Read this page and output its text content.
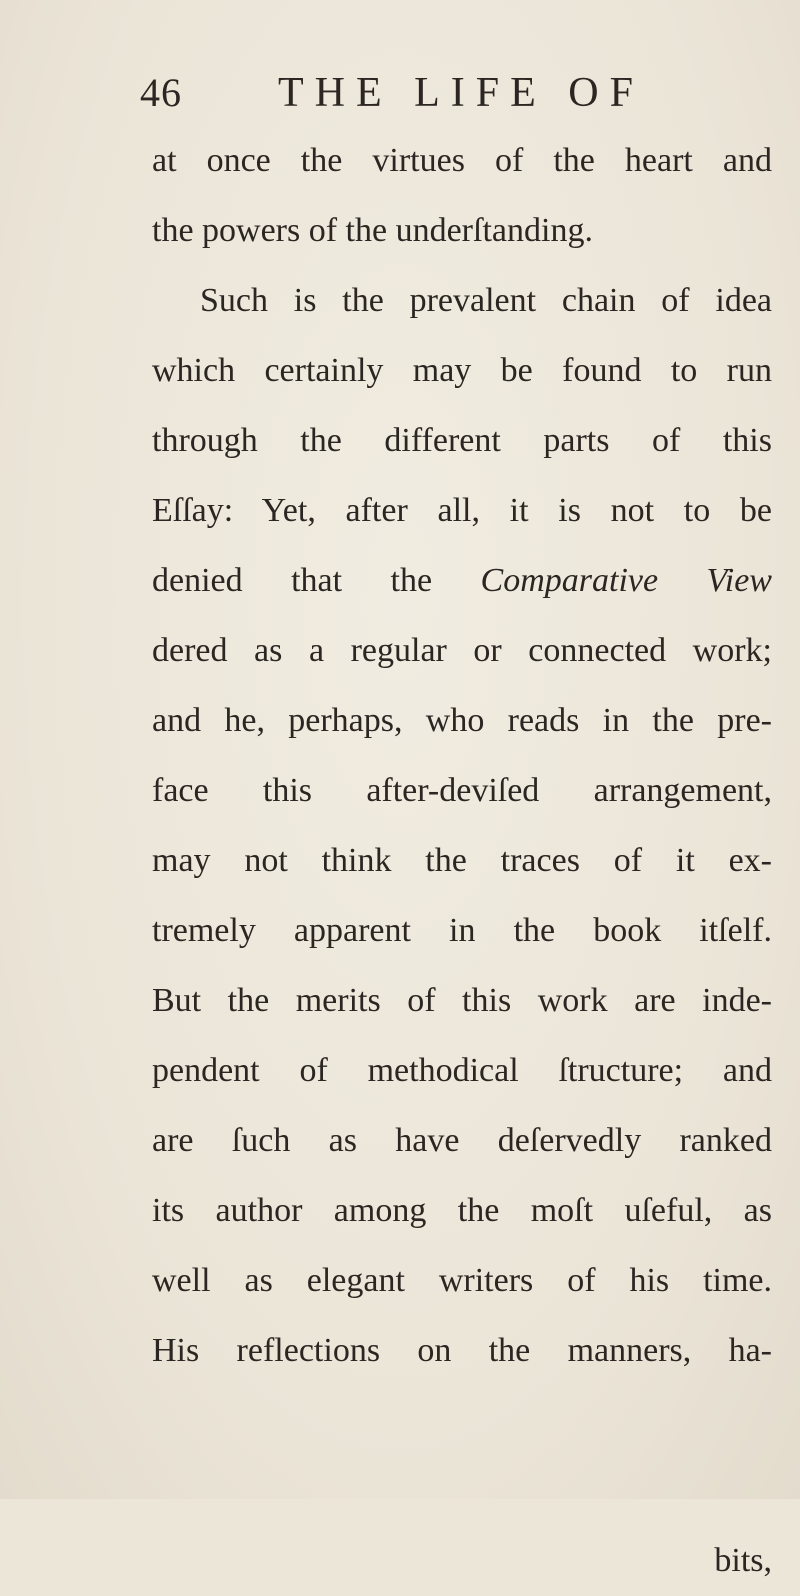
46 THE LIFE OF
at once the virtues of the heart and
the powers of the underſtanding.
Such is the prevalent chain of idea
which certainly may be found to run
through the different parts of this
Eſſay: Yet, after all, it is not to be
denied that the Comparative View
dered as a regular or connected work;
and he, perhaps, who reads in the pre-
face this after-deviſed arrangement,
may not think the traces of it ex-
tremely apparent in the book itſelf.
But the merits of this work are inde-
pendent of methodical ſtructure; and
are ſuch as have deſervedly ranked
its author among the moſt uſeful, as
well as elegant writers of his time.
His reflections on the manners, ha-
bits,
